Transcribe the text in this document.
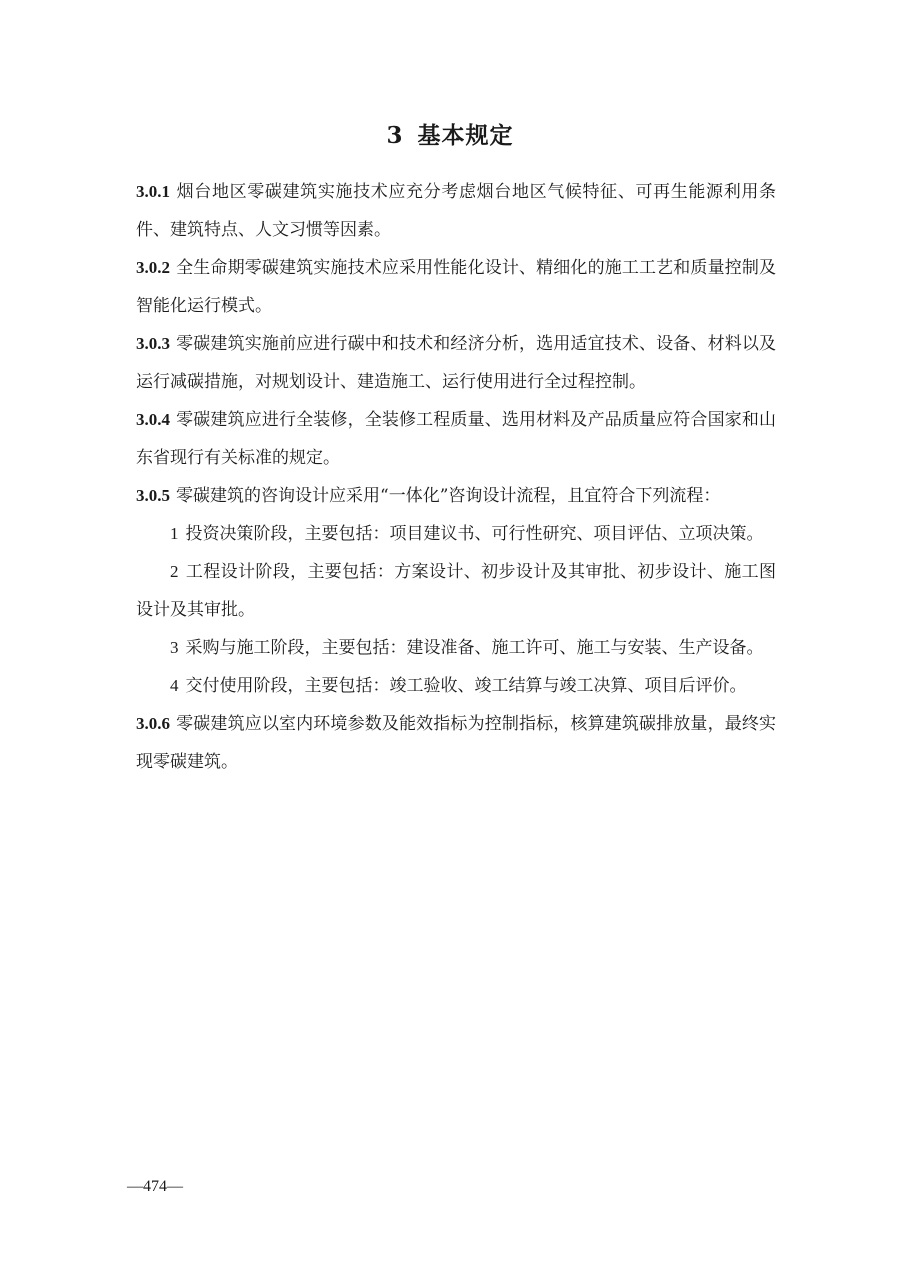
3 基本规定

3.0.1 烟台地区零碳建筑实施技术应充分考虑烟台地区气候特征、可再生能源利用条件、建筑特点、人文习惯等因素。

3.0.2 全生命期零碳建筑实施技术应采用性能化设计、精细化的施工工艺和质量控制及智能化运行模式。

3.0.3 零碳建筑实施前应进行碳中和技术和经济分析，选用适宜技术、设备、材料以及运行减碳措施，对规划设计、建造施工、运行使用进行全过程控制。

3.0.4 零碳建筑应进行全装修，全装修工程质量、选用材料及产品质量应符合国家和山东省现行有关标准的规定。

3.0.5 零碳建筑的咨询设计应采用“一体化”咨询设计流程，且宜符合下列流程：

1 投资决策阶段，主要包括：项目建议书、可行性研究、项目评估、立项决策。

2 工程设计阶段，主要包括：方案设计、初步设计及其审批、初步设计、施工图设计及其审批。

3 采购与施工阶段，主要包括：建设准备、施工许可、施工与安装、生产设备。

4 交付使用阶段，主要包括：竣工验收、竣工结算与竣工决算、项目后评价。

3.0.6 零碳建筑应以室内环境参数及能效指标为控制指标，核算建筑碳排放量，最终实现零碳建筑。

—474—
